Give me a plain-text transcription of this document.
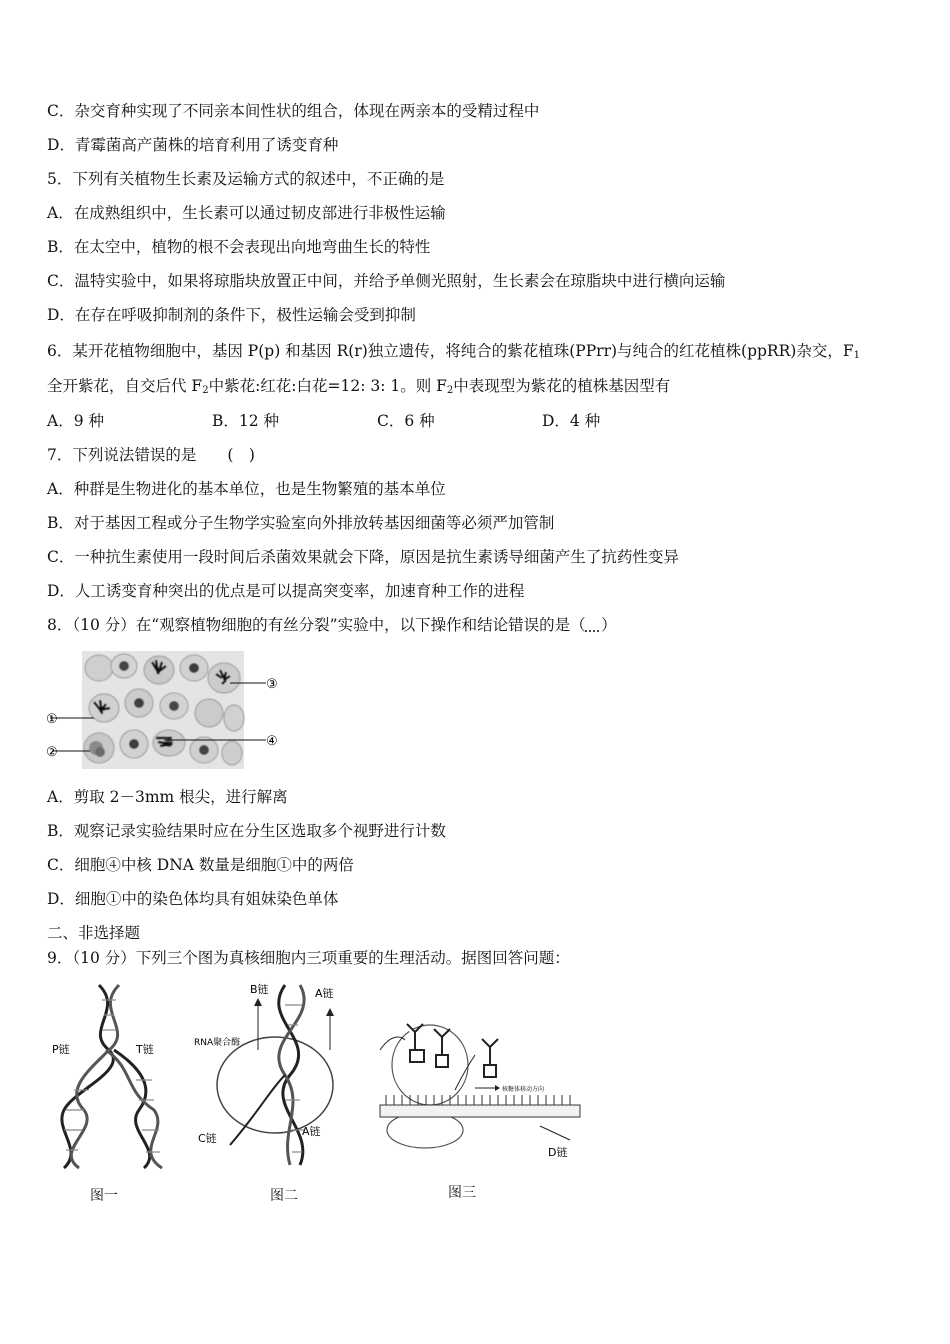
C．杂交育种实现了不同亲本间性状的组合，体现在两亲本的受精过程中
D．青霉菌高产菌株的培育利用了诱变育种
5．下列有关植物生长素及运输方式的叙述中，不正确的是
A．在成熟组织中，生长素可以通过韧皮部进行非极性运输
B．在太空中，植物的根不会表现出向地弯曲生长的特性
C．温特实验中，如果将琼脂块放置正中间，并给予单侧光照射，生长素会在琼脂块中进行横向运输
D．在存在呼吸抑制剂的条件下，极性运输会受到抑制
6．某开花植物细胞中，基因 P(p) 和基因 R(r)独立遗传，将纯合的紫花植珠(PPrr)与纯合的红花植株(ppRR)杂交，$F_1$
全开紫花，自交后代 $F_2$中紫花:红花:白花=12: 3: 1。则 $F_2$中表现型为紫花的植株基因型有
A．9 种	B．12 种	C．6 种	D．4 种
7．下列说法错误的是　　(　)
A．种群是生物进化的基本单位，也是生物繁殖的基本单位
B．对于基因工程或分子生物学实验室向外排放转基因细菌等必须严加管制
C．一种抗生素使用一段时间后杀菌效果就会下降，原因是抗生素诱导细菌产生了抗药性变异
D．人工诱变育种突出的优点是可以提高突变率，加速育种工作的进程
8．（10 分）在“观察植物细胞的有丝分裂”实验中，以下操作和结论错误的是（　 ）
①
②
③
④
A．剪取 2－3mm 根尖，进行解离
B．观察记录实验结果时应在分生区选取多个视野进行计数
C．细胞④中核 DNA 数量是细胞①中的两倍
D．细胞①中的染色体均具有姐妹染色单体
二、非选择题
9．（10 分）下列三个图为真核细胞内三项重要的生理活动。据图回答问题：
P链	T链
图一
B链	A链
RNA聚合酶
C链
A链
图二
核糖体移动方向
D链
图三
